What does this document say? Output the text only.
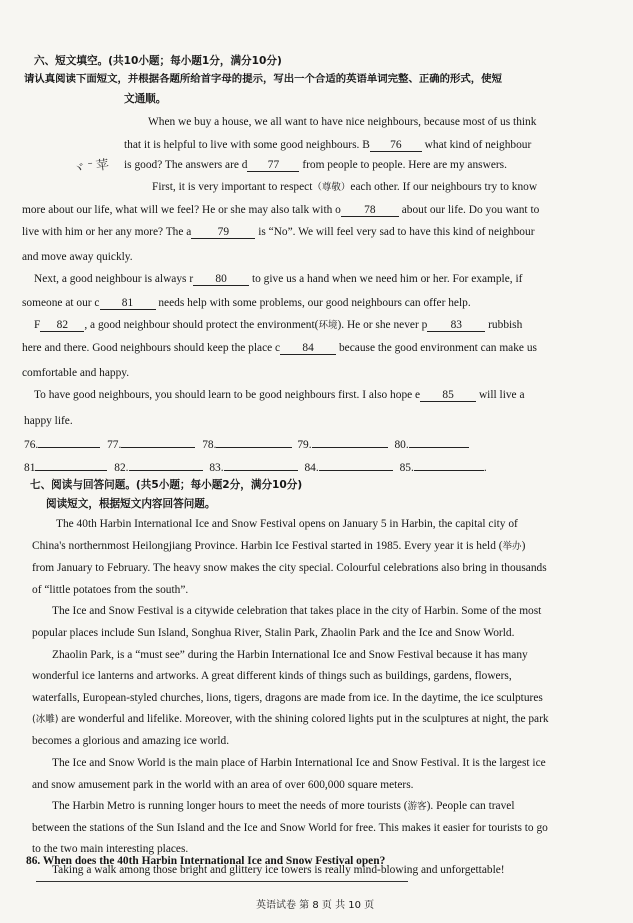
六、短文填空。(共10小题；每小题1分，满分10分)
请认真阅读下面短文，并根据各题所给首字母的提示，写出一个合适的英语单词完整、正确的形式，使短
文通顺。
When we buy a house, we all want to have nice neighbours, because most of us think
that it is helpful to live with some good neighbours. B 76 what kind of neighbour
ヾ ˉ 苹 is good? The answers are d 77 from people to people. Here are my answers.
First, it is very important to respect（尊敬）each other. If our neighbours try to know
more about our life, what will we feel? He or she may also talk with o 78 about our life. Do you want to
live with him or her any more? The a 79 is “No”. We will feel very sad to have this kind of neighbour
and move away quickly.
Next, a good neighbour is always r 80 to give us a hand when we need him or her. For example, if
someone at our c 81 needs help with some problems, our good neighbours can offer help.
F 82 , a good neighbour should protect the environment(环境). He or she never p 83 rubbish
here and there. Good neighbours should keep the place c 84 because the good environment can make us
comfortable and happy.
To have good neighbours, you should learn to be good neighbours first. I also hope e 85 will live a
happy life.
76.	77.	78.	79.	80.
81	82.	83.	84.	85.	.
七、阅读与回答问题。(共5小题；每小题2分，满分10分)
阅读短文，根据短文内容回答问题。
The 40th Harbin International Ice and Snow Festival opens on January 5 in Harbin, the capital city of
China's northernmost Heilongjiang Province. Harbin Ice Festival started in 1985. Every year it is held (举办)
from January to February. The heavy snow makes the city special. Colourful celebrations also bring in thousands
of “little potatoes from the south”.
The Ice and Snow Festival is a citywide celebration that takes place in the city of Harbin. Some of the most
popular places include Sun Island, Songhua River, Stalin Park, Zhaolin Park and the Ice and Snow World.
Zhaolin Park, is a “must see” during the Harbin International Ice and Snow Festival because it has many
wonderful ice lanterns and artworks. A great different kinds of things such as buildings, gardens, flowers,
waterfalls, European-styled churches, lions, tigers, dragons are made from ice. In the daytime, the ice sculptures
(冰雕) are wonderful and lifelike. Moreover, with the shining colored lights put in the sculptures at night, the park
becomes a glorious and amazing ice world.
The Ice and Snow World is the main place of Harbin International Ice and Snow Festival. It is the largest ice
and snow amusement park in the world with an area of over 600,000 square meters.
The Harbin Metro is running longer hours to meet the needs of more tourists (游客). People can travel
between the stations of the Sun Island and the Ice and Snow World for free. This makes it easier for tourists to go
to the two main interesting places.
Taking a walk among those bright and glittery ice towers is really mind-blowing and unforgettable!
86. When does the 40th Harbin International Ice and Snow Festival open?
英语试卷 第 8 页 共 10 页
